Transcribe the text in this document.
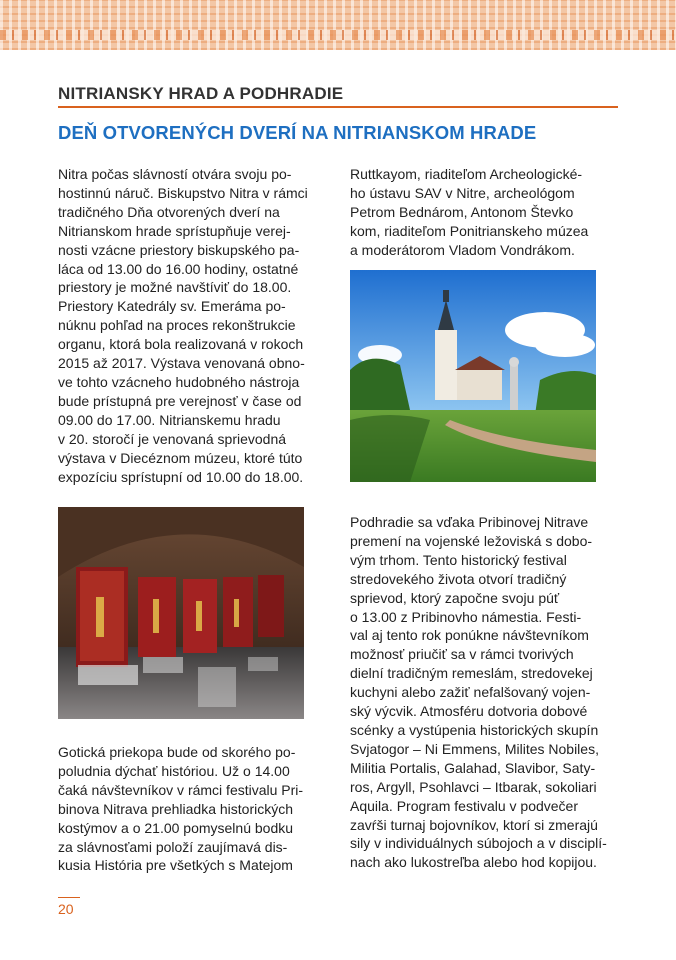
NITRIANSKY HRAD A PODHRADIE
DEŇ OTVORENÝCH DVERÍ NA NITRIANSKOM HRADE

Nitra počas slávností otvára svoju po-
hostinnú náruč. Biskupstvo Nitra v rámci
tradičného Dňa otvorených dverí na
Nitrianskom hrade sprístupňuje verej-
nosti vzácne priestory biskupského pa-
láca od 13.00 do 16.00 hodiny, ostatné
priestory je možné navštíviť do 18.00.
Priestory Katedrály sv. Emeráma po-
núknu pohľad na proces rekonštrukcie
organu, ktorá bola realizovaná v rokoch
2015 až 2017. Výstava venovaná obno-
ve tohto vzácneho hudobného nástroja
bude prístupná pre verejnosť v čase od
09.00 do 17.00. Nitrianskemu hradu
v 20. storočí je venovaná sprievodná
výstava v Diecéznom múzeu, ktoré túto
expozíciu sprístupní od 10.00 do 18.00.

Gotická priekopa bude od skorého po-
poludnia dýchať históriou. Už o 14.00
čaká návštevníkov v rámci festivalu Pri-
binova Nitrava prehliadka historických
kostýmov a o 21.00 pomyselnú bodku
za slávnosťami položí zaujímavá dis-
kusia História pre všetkých s Matejom

Ruttkayom, riaditeľom Archeologické-
ho ústavu SAV v Nitre, archeológom
Petrom Bednárom, Antonom Števko
kom, riaditeľom Ponitrianskeho múzea
a moderátorom Vladom Vondrákom.

Podhradie sa vďaka Pribinovej Nitrave
premení na vojenské ležoviská s dobo-
vým trhom. Tento historický festival
stredovekého života otvorí tradičný
sprievod, ktorý započne svoju púť
o 13.00 z Pribinovho námestia. Festi-
val aj tento rok ponúkne návštevníkom
možnosť priučiť sa v rámci tvorivých
dielní tradičným remeslám, stredovekej
kuchyni alebo zažiť nefalšovaný vojen-
ský výcvik. Atmosféru dotvoria dobové
scénky a vystúpenia historických skupín
Svjatogor – Ni Emmens, Milites Nobiles,
Militia Portalis, Galahad, Slavibor, Saty-
ros, Argyll, Psohlavci – Itbarak, sokoliari
Aquila. Program festivalu v podvečer
zavŕši turnaj bojovníkov, ktorí si zmerajú
sily v individuálnych súbojoch a v disciplí-
nach ako lukostreľba alebo hod kopijou.

20
